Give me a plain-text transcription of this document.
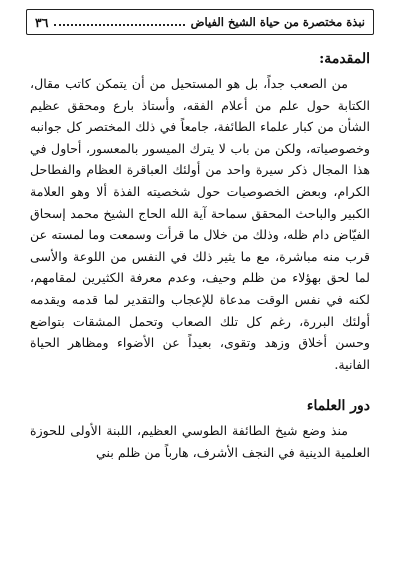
نبذة مختصرة من حياة الشيخ الفياض
٣٦
المقدمة:

من الصعب جداً، بل هو المستحيل من أن يتمكن كاتب مقال، الكتابة حول علم من أعلام الفقه، وأستاذ بارع ومحقق عظيم الشأن من كبار علماء الطائفة، جامعاً في ذلك المختصر كل جوانبه وخصوصياته، ولكن من باب لا يترك الميسور بالمعسور، أحاول في هذا المجال ذكر سيرة واحد من أولئك العباقرة العظام والفطاحل الكرام، وبعض الخصوصيات حول شخصيته الفذة ألا وهو العلامة الكبير والباحث المحقق سماحة آية الله الحاج الشيخ محمد إسحاق الفيّاض دام ظله، وذلك من خلال ما قرأت وسمعت وما لمسته عن قرب منه مباشرة، مع ما يثير ذلك في النفس من اللوعة والأسى لما لحق بهؤلاء من ظلم وحيف، وعدم معرفة الكثيرين لمقامهم، لكنه في نفس الوقت مدعاة للإعجاب والتقدير لما قدمه ويقدمه أولئك البررة، رغم كل تلك الصعاب وتحمل المشقات بتواضع وحسن أخلاق وزهد وتقوى، بعيداً عن الأضواء ومظاهر الحياة الفانية.

دور العلماء

منذ وضع شيخ الطائفة الطوسي العظيم، اللبنة الأولى للحوزة العلمية الدينية في النجف الأشرف، هارباً من ظلم بني
